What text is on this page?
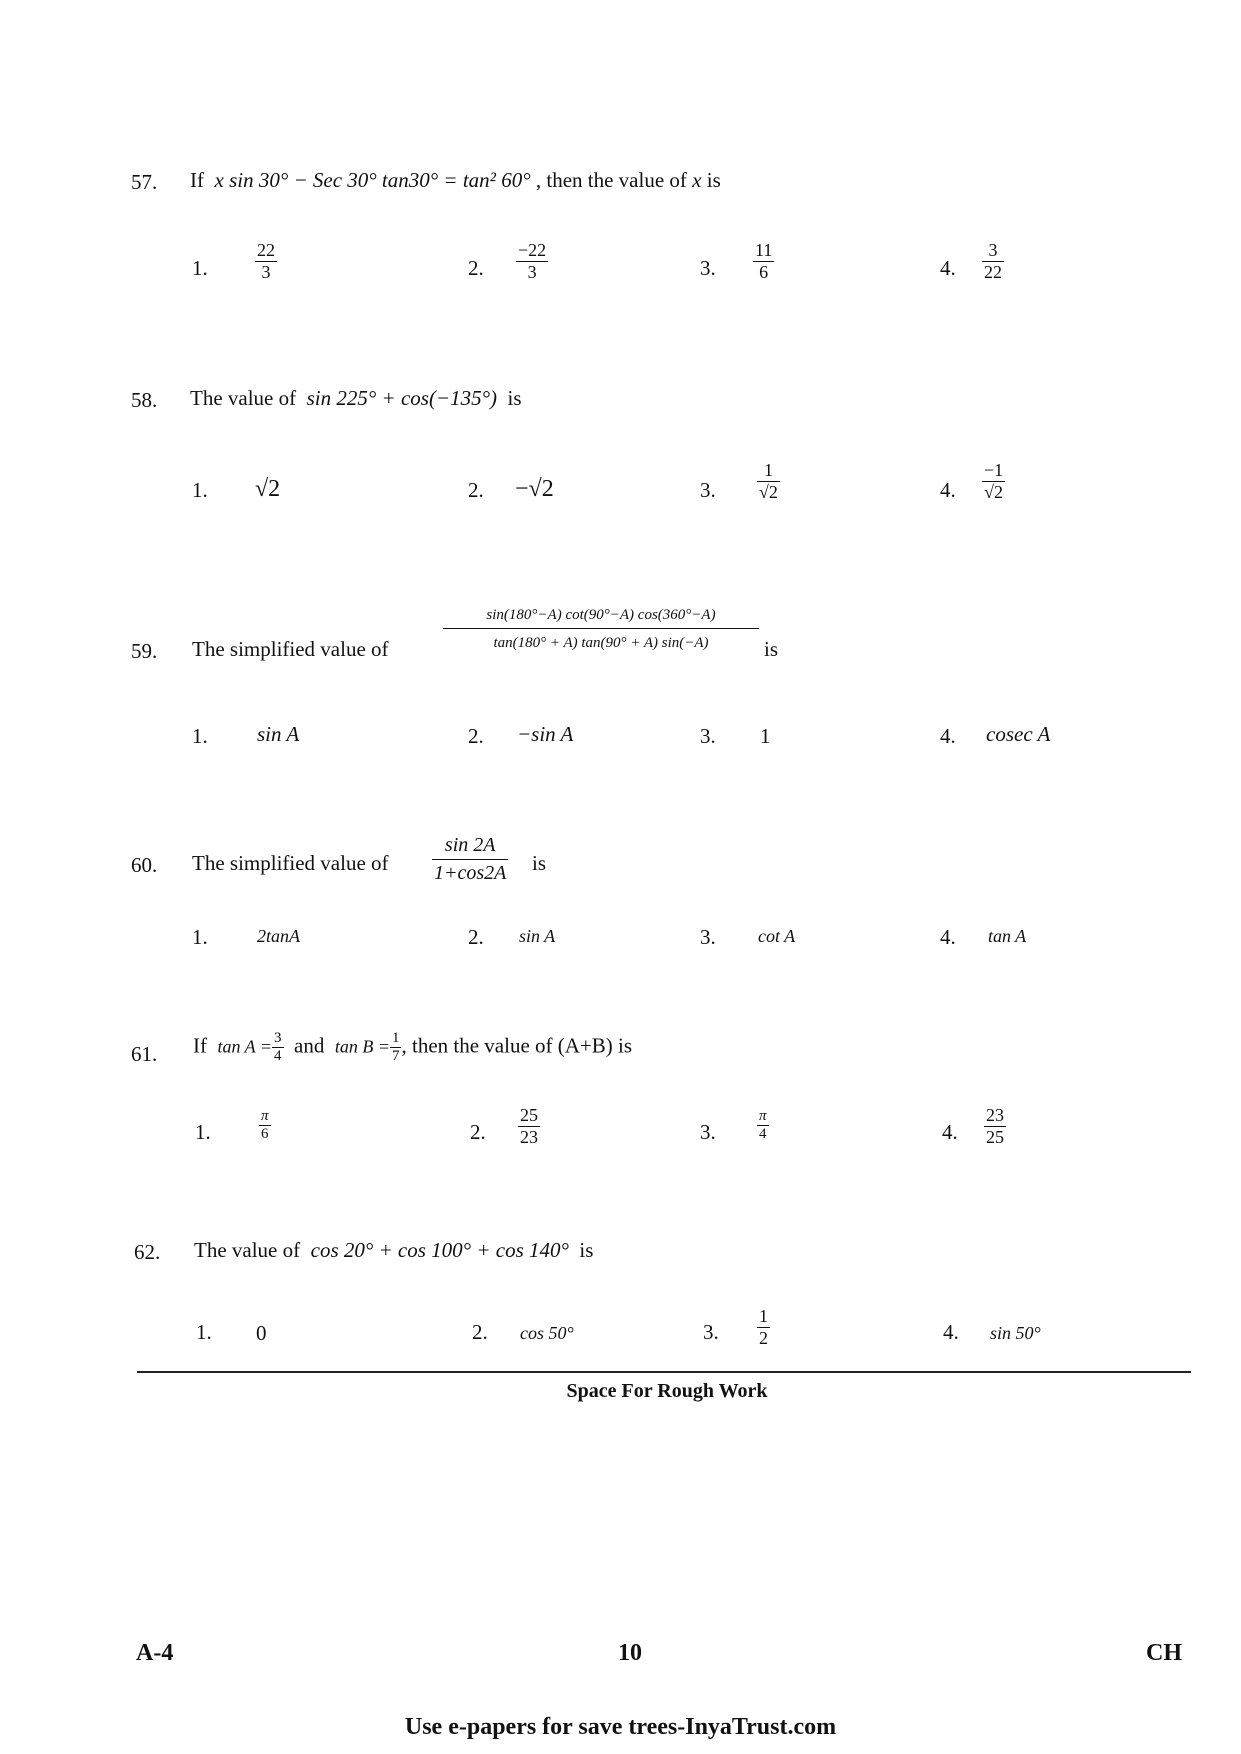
57. If x sin 30° − Sec 30° tan30° = tan² 60° , then the value of x is
1.	$\frac{22}{3}$	2. $\frac{-22}{3}$	3. $\frac{11}{6}$	4. $\frac{3}{22}$
58. The value of sin 225° + cos(−135°) is
1. √2	2. −√2	3. $\frac{1}{√2}$	4. $\frac{-1}{√2}$
59. The simplified value of
sin(180°−A) cot(90°−A) cos(360°−A)
tan(180° + A) tan(90° + A) sin(−A)	is
1. sin A	2. −sin A	3. 1	4. cosec A
60. The simplified value of $\frac{\sin 2A}{1+\cos 2A}$ is
1.	2tanA	2. sin A	3. cot A	4. tan A
61. If $\tan A = \frac{3}{4}$ and $\tan B = \frac{1}{7}$ , then the value of (A+B) is
1.	$\frac{\pi}{6}$	2. $\frac{25}{23}$	3.	$\frac{\pi}{4}$	4. $\frac{23}{25}$
62. The value of cos 20° + cos 100° + cos 140° is
1. 0	2. cos 50°	3. $\frac{1}{2}$	4. sin 50°
Space For Rough Work
A-4	10	CH
Use e-papers for save trees-InyaTrust.com
